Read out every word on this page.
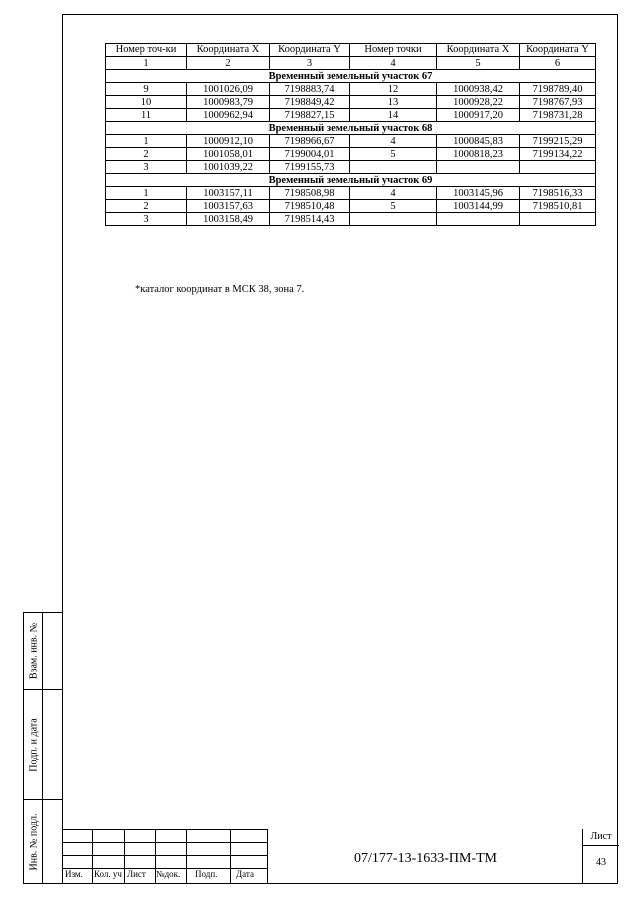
Взам. инв. №
Подп. и дата
Инв. № подл.
Номер точ-ки	Координата X	Координата Y	Номер точки	Координата X	Координата Y
1	2	3	4	5	6
Временный земельный участок 67					
9	1001026,09	7198883,74	12	1000938,42	7198789,40
10	1000983,79	7198849,42	13	1000928,22	7198767,93
11	1000962,94	7198827,15	14	1000917,20	7198731,28
Временный земельный участок 68					
1	1000912,10	7198966,67	4	1000845,83	7199215,29
2	1001058,01	7199004,01	5	1000818,23	7199134,22
3	1001039,22	7199155,73			
Временный земельный участок 69					
1	1003157,11	7198508,98	4	1003145,96	7198516,33
2	1003157,63	7198510,48	5	1003144,99	7198510,81
3	1003158,49	7198514,43			
*каталог координат в МСК 38, зона 7.
Изм. Кол. уч Лист №док. Подп. Дата
07/177-13-1633-ПМ-ТМ
Лист
43
